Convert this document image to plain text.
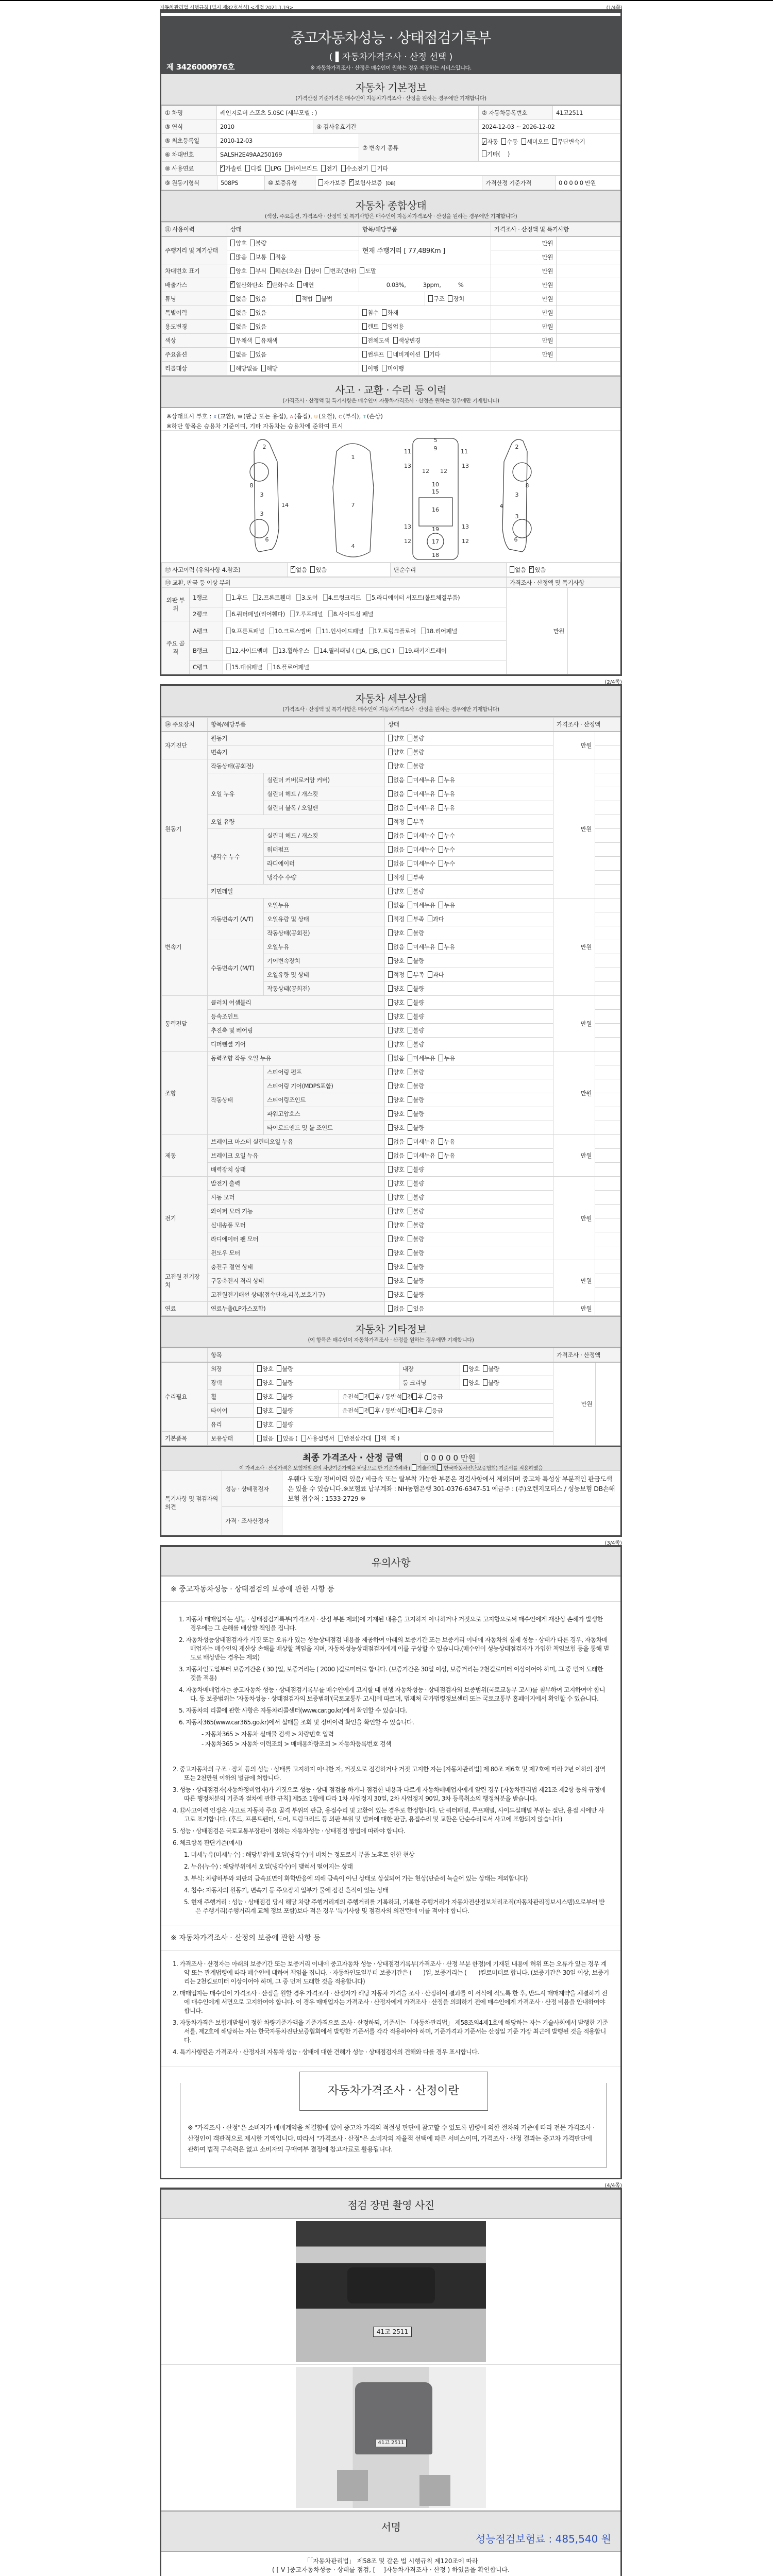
자동차관리법 시행규칙 [별지 제82호서식] <개정 2021.1.19>	(1/4쪽)
중고자동차성능 · 상태점검기록부
( ▌자동차가격조사 · 산정 선택 )
※ 자동차가격조사 · 산정은 매수인이 원하는 경우 제공하는 서비스입니다.
제 3426000976호
자동차 기본정보

(가격산정 기준가격은 매수인이 자동차가격조사 · 산정을 원하는 경우에만 기재합니다)

① 차명	레인지로버 스포츠 5.0SC (세부모델 : )			② 자동차등록번호	41고2511
③ 연식	2010	④ 검사유효기간		2024-12-03 ~ 2026-12-02	
⑤ 최초등록일	2010-12-03		⑦ 변속기 종류	✓자동 수동 세미오토 무단변속기기타(　 )
⑥ 차대번호	SALSH2E49AA250169				
⑧ 사용연료	✓가솔린 디젤 LPG 하이브리드 전기 수소전기 기타
⑨ 원동기형식	508PS	⑩ 보증유형	자가보증 ✓ 보험사보증 [DB]	가격산정 기준가격	0 0 0 0 0 만원
자동차 종합상태

(색상, 주요옵션, 가격조사 · 산정액 및 특기사항은 매수인이 자동차가격조사 · 산정을 원하는 경우에만 기재합니다)

⑪ 사용이력	상태		항목/해당부품		가격조사 · 산정액 및 특기사항	
주행거리 및 계기상태	양호 불량		현재 주행거리 [ 77,489Km ]		만원	
	많음 보통 적음				만원	
차대번호 표기	양호 부식 훼손(오손) 상이 변조(변타) 도말				만원	
배출가스	✓일산화탄소 ✓ 탄화수소 매연		0.03%, 3ppm, %		만원	
튜닝	없음 있음	적법 불법		구조 장치	만원	
특별이력	없음 있음		침수 화재		만원	
용도변경	없음 있음		렌트 영업용		만원	
색상	무채색 유채색		전체도색 색상변경		만원	
주요옵션	없음 있음		썬루프 네비게이션 기타		만원	
리콜대상	해당없음 해당		이행 미이행			
사고 · 교환 · 수리 등 이력

(가격조사 · 산정액 및 특기사항은 매수인이 자동차가격조사 · 산정을 원하는 경우에만 기재합니다)

※상태표시 부호 : X (교환), W (판금 또는 용접), A (흠집), U (요철), C (부식), T (손상)
※하단 항목은 승용차 기준이며, 기타 자동차는 승용차에 준하여 표시
2
3
3
8
14
6
1
7
4
5
9
11	11
13	13
12 12
10
15
16
13	13
19
17
12	12
18
2
3
3
8
4
6
⑫ 사고이력 (유의사항 4.참조)	✓없음 있음	단순수리	없음 ✓ 있음
⑬ 교환, 판금 등 이상 부위			가격조사 · 산정액 및 특기사항	
외판 부위	1랭크	1.후드 2.프론트휀더 3.도어 4.트렁크리드 5.라디에이터 서포트(볼트체결부품)	만원	
	2랭크	6.쿼터패널(리어휀다) 7.루프패널 8.사이드실 패널		
주요 골격	A랭크	9.프론트패널 10.크로스멤버 11.인사이드패널 17.트렁크플로어 18.리어패널		
	B랭크	12.사이드멤버 13.휠하우스 14.필러패널 ( □A, □B, □C ) 19.패키지트레이		
	C랭크	15.대쉬패널 16.플로어패널		
(2/4쪽)
자동차 세부상태

(가격조사 · 산정액 및 특기사항은 매수인이 자동차가격조사 · 산정을 원하는 경우에만 기재합니다)

⑭ 주요장치	항목/해당부품		상태	가격조사 · 산정액	
자기진단	원동기		양호 불량	만원	
	변속기		양호 불량		
원동기	작동상태(공회전)		양호 불량	만원	
	오일 누유	실린더 커버(로커암 커버)	없음 미세누유 누유		
		실린더 헤드 / 개스킷	없음 미세누유 누유		
		실린더 블록 / 오일팬	없음 미세누유 누유		
	오일 유량		적정 부족		
	냉각수 누수	실린더 헤드 / 개스킷	없음 미세누수 누수		
		워터펌프	없음 미세누수 누수		
		라디에이터	없음 미세누수 누수		
		냉각수 수량	적정 부족		
	커먼레일		양호 불량		
변속기	자동변속기 (A/T)	오일누유	없음 미세누유 누유	만원	
		오일유량 및 상태	적정 부족 과다		
		작동상태(공회전)	양호 불량		
	수동변속기 (M/T)	오일누유	없음 미세누유 누유		
		기어변속장치	양호 불량		
		오일유량 및 상태	적정 부족 과다		
		작동상태(공회전)	양호 불량		
동력전달	클러치 어셈블리		양호 불량	만원	
	등속조인트		양호 불량		
	추진축 및 베어링		양호 불량		
	디퍼렌셜 기어		양호 불량		
조향	동력조향 작동 오일 누유		없음 미세누유 누유	만원	
	작동상태	스티어링 펌프	양호 불량		
		스티어링 기어(MDPS포함)	양호 불량		
		스티어링조인트	양호 불량		
		파워고압호스	양호 불량		
		타이로드엔드 및 볼 조인트	양호 불량		
제동	브레이크 마스터 실린더오일 누유		없음 미세누유 누유	만원	
	브레이크 오일 누유		없음 미세누유 누유		
	배력장치 상태		양호 불량		
전기	발전기 출력		양호 불량	만원	
	시동 모터		양호 불량		
	와이퍼 모터 기능		양호 불량		
	실내송풍 모터		양호 불량		
	라디에이터 팬 모터		양호 불량		
	윈도우 모터		양호 불량		
고전원 전기장치	충전구 절연 상태		양호 불량	만원	
	구동축전지 격리 상태		양호 불량		
	고전원전기배선 상태(접속단자,피복,보호기구)		양호 불량		
연료	연료누출(LP가스포함)		없음 있음	만원	
자동차 기타정보

(이 항목은 매수인이 자동차가격조사 · 산정을 원하는 경우에만 기재합니다)

	항목					가격조사 · 산정액	
수리필요	외장	양호 불량		내장	양호 불량	만원	
	광택	양호 불량		룸 크리닝	양호 불량		
	휠	양호 불량	운전석 전 후 / 동반석 전 후 / 응급				
	타이어	양호 불량	운전석 전 후 / 동반석 전 후 / 응급				
	유리	양호 불량					
기본품목	보유상태	없음 있음 ( 사용설명서 안전삼각대 잭 잭 )					
최종 가격조사 · 산정 금액	0 0 0 0 0 만원

이 가격조사 · 산정가격은 보험개발원의 차량기준가액을 바탕으로 한 기준가격과 ( 기술사회, 한국자동차진단보증협회) 기준서를 적용하였음

특기사항 및 점검자의 의견	성능 · 상태점검자	우휀다 도장/ 정비이력 있음/ 비금속 또는 탈부착 가능한 부품은 점검사항에서 제외되며 중고차 특성상 부분적인 판금도색은 있을 수 있습니다.※보험료 납부계좌 : NH농협은행 301-0376-6347-51 예금주 : (주)오렌지모터스 / 성능보험 DB손해보험 접수처 : 1533-2729 ※
	가격 · 조사산정자	
(3/4쪽)
유의사항
※ 중고자동차성능 · 상태점검의 보증에 관한 사항 등
1. 자동차 매매업자는 성능 · 상태점검기록부(가격조사 · 산정 부분 제외)에 기재된 내용을 고지하지 아니하거나 거짓으로 고지함으로써 매수인에게 재산상 손해가 발생한 경우에는 그 손해를 배상할 책임을 집니다.
2. 자동차성능상태점검자가 거짓 또는 오류가 있는 성능상태점검 내용을 제공하여 아래의 보증기간 또는 보증거리 이내에 자동차의 실제 성능 · 상태가 다른 경우, 자동차매매업자는 매수인의 재산상 손해를 배상할 책임을 지며, 자동차성능상태점검자에게 이를 구상할 수 있습니다.(매수인이 성능상태점검자가 가입한 책임보험 등을 통해 별도로 배상받는 경우는 제외)
3. 자동차인도일부터 보증기간은 ( 30 )일, 보증거리는 ( 2000 )킬로미터로 합니다. (보증기간은 30일 이상, 보증거리는 2천킬로미터 이상이어야 하며, 그 중 먼저 도래한 것을 적용)
4. 자동차매매업자는 중고자동차 성능 · 상태점검기록부를 매수인에게 고지할 때 현행 자동차성능 · 상태점검자의 보증범위(국토교통부 고시)를 첨부하여 고지하여야 합니다. 동 보증범위는 '자동차성능 · 상태점검자의 보증범위'(국토교통부 고시)에 따르며, 법제처 국가법령정보센터 또는 국토교통부 홈페이지에서 확인할 수 있습니다.
5. 자동차의 리콜에 관한 사항은 자동차리콜센터(www.car.go.kr)에서 확인할 수 있습니다.
6. 자동차365(www.car365.go.kr)에서 실매물 조회 및 정비이력 확인을 확인할 수 있습니다.
- 자동차365 > 자동차 실매물 검색 > 차량번호 입력
- 자동차365 > 자동차 이력조회 > 매매용차량조회 > 자동차등록번호 검색
2. 중고자동차의 구조 · 장치 등의 성능 · 상태를 고지하지 아니한 자, 거짓으로 점검하거나 거짓 고지한 자는 [자동차관리법] 제 80조 제6호 및 제7호에 따라 2년 이하의 징역 또는 2천만원 이하의 벌금에 처합니다.
3. 성능 · 상태점검자(자동차정비업자)가 거짓으로 성능 · 상태 점검을 하거나 점검한 내용과 다르게 자동차매매업자에게 알린 경우 [자동차관리법 제21조 제2항 등의 규정에 따른 행정처분의 기준과 절차에 관한 규칙] 제5조 1항에 따라 1차 사업정지 30일, 2차 사업정지 90일, 3차 등록취소의 행정처분을 받습니다.
4. ⑫사고이력 인정은 사고로 자동차 주요 골격 부위의 판금, 용접수리 및 교환이 있는 경우로 한정합니다. 단 쿼터패널, 루프패널, 사이드실패널 부위는 절단, 용접 시에만 사고로 표기합니다. (후드, 프론트펜더, 도어, 트렁크리드 등 외판 부위 및 범퍼에 대한 판금, 용접수리 및 교환은 단순수리로서 사고에 포함되지 않습니다)
5. 성능 · 상태점검은 국토교통부장관이 정하는 자동차성능 · 상태점검 방법에 따라야 합니다.
6. 체크항목 판단기준(예시)
1. 미세누유(미세누수) : 해당부위에 오일(냉각수)이 비치는 정도로서 부품 노후로 인한 현상
2. 누유(누수) : 해당부위에서 오일(냉각수)이 맺혀서 떨어지는 상태
3. 부식: 차량하부와 외판의 금속표면이 화학반응에 의해 금속이 아닌 상태로 상실되어 가는 현상(단순히 녹슬어 있는 상태는 제외합니다)
4. 침수: 자동차의 원동기, 변속기 등 주요장치 일부가 물에 잠긴 흔적이 있는 상태
5. 현재 주행거리 : 성능 · 상태점검 당시 해당 차량 주행거리계의 주행거리를 기록하되, 기록한 주행거리가 자동차전산정보처리조직(자동차관리정보시스템)으로부터 받은 주행거리(주행거리계 교체 정보 포함)보다 적은 경우 '특기사항 및 점검자의 의견'란에 이를 적어야 합니다.
※ 자동차가격조사 · 산정의 보증에 관한 사항 등
1. 가격조사 · 산정자는 아래의 보증기간 또는 보증거리 이내에 중고자동차 성능 · 상태점검기록부(가격조사 · 산정 부분 한정)에 기재된 내용에 허위 또는 오류가 있는 경우 계약 또는 관계법령에 따라 매수인에 대하여 책임을 집니다. · 자동차인도일부터 보증기간은 (　　)일, 보증거리는 (　　)킬로미터로 합니다. (보증기간은 30일 이상, 보증거리는 2천킬로미터 이상이어야 하며, 그 중 먼저 도래한 것을 적용합니다)
2. 매매업자는 매수인이 가격조사 · 산정을 원할 경우 가격조사 · 산정자가 해당 자동차 가격을 조사 · 산정하여 결과를 이 서식에 적도록 한 후, 반드시 매매계약을 체결하기 전에 매수인에게 서면으로 고지하여야 합니다. 이 경우 매매업자는 가격조사 · 산정자에게 가격조사 · 산정을 의뢰하기 전에 매수인에게 가격조사 · 산정 비용을 안내하여야 합니다.
3. 자동차가격은 보험개발원이 정한 차량기준가액을 기준가격으로 조사 · 산정하되, 기준서는 「자동차관리법」 제58조의4제1호에 해당하는 자는 기술사회에서 발행한 기준서를, 제2호에 해당하는 자는 한국자동차진단보증협회에서 발행한 기준서를 각각 적용하여야 하며, 기준가격과 기준서는 산정일 기준 가장 최근에 발행된 것을 적용합니다.
4. 특기사항란은 가격조사 · 산정자의 자동차 성능 · 상태에 대한 견해가 성능 · 상태점검자의 견해와 다를 경우 표시합니다.
자동차가격조사 · 산정이란

※ "가격조사 · 산정"은 소비자가 매매계약을 체결함에 있어 중고차 가격의 적절성 판단에 참고할 수 있도록 법령에 의한 절차와 기준에 따라 전문 가격조사 · 산정인이 객관적으로 제시한 기액입니다. 따라서 "가격조사 · 산정"은 소비자의 자율적 선택에 따른 서비스이며, 가격조사 · 산정 결과는 중고차 가격판단에 관하여 법적 구속력은 없고 소비자의 구매여부 결정에 참고자료로 활용됩니다.

(4/4쪽)
점검 장면 촬영 사진
41고 2511
41고 2511
서명
성능점검보험료 : 485,540 원
「「자동차관리법」 제58조 및 같은 법 시행규칙 제120조에 따라
( [ V ]중고자동차성능 · 상태를 점검, [　 ]자동차가격조사 · 산정 ) 하였음을 확인합니다.
